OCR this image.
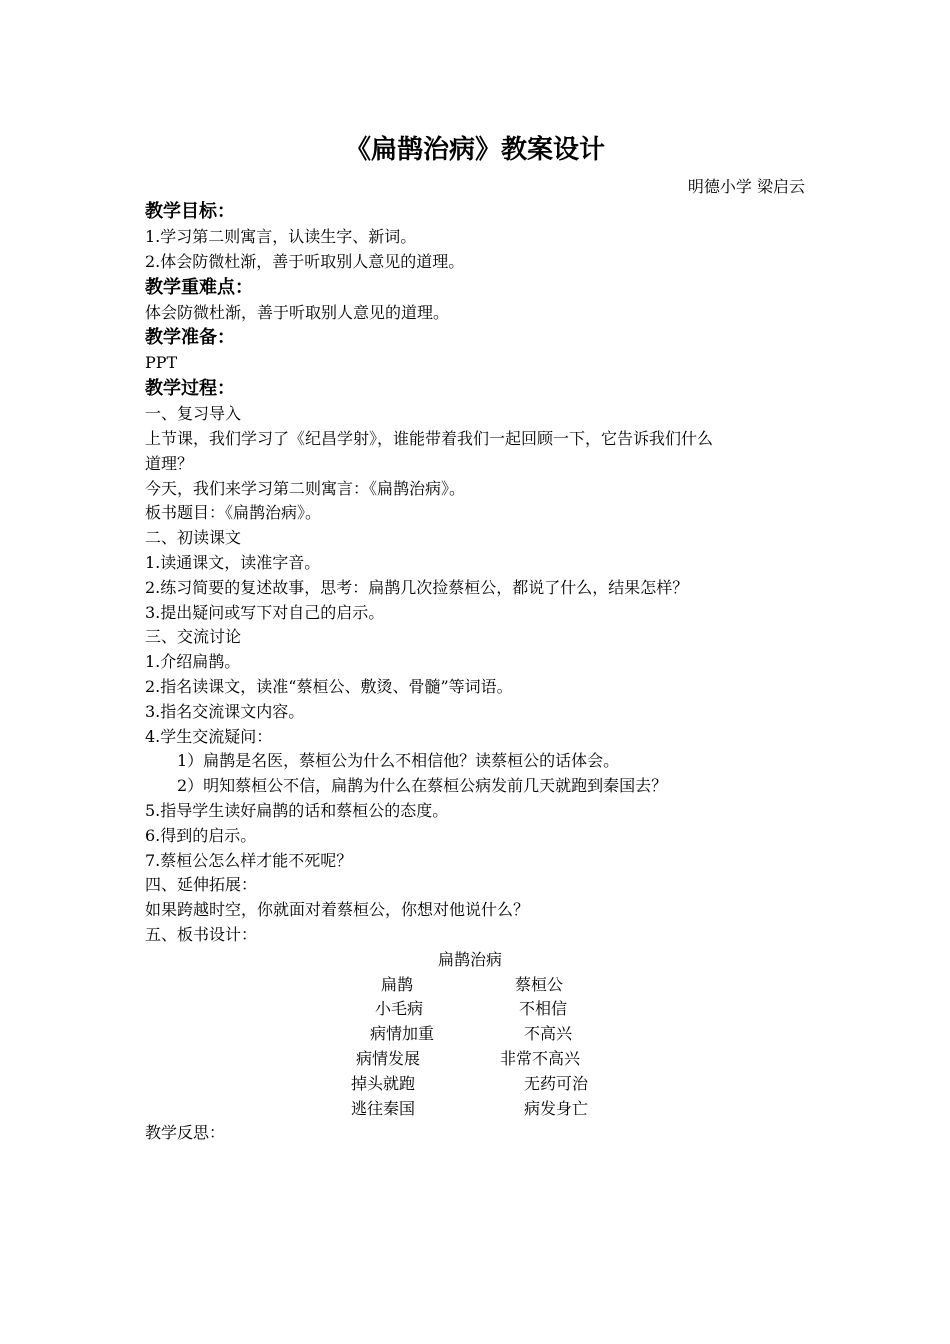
《扁鹊治病》教案设计
明德小学 梁启云
教学目标：
1.学习第二则寓言，认读生字、新词。
2.体会防微杜渐，善于听取别人意见的道理。
教学重难点：
体会防微杜渐，善于听取别人意见的道理。
教学准备：
PPT
教学过程：
一、复习导入
上节课，我们学习了《纪昌学射》，谁能带着我们一起回顾一下，它告诉我们什么
道理？
今天，我们来学习第二则寓言：《扁鹊治病》。
板书题目：《扁鹊治病》。
二、初读课文
1.读通课文，读准字音。
2.练习简要的复述故事，思考：扁鹊几次捡蔡桓公，都说了什么，结果怎样？
3.提出疑问或写下对自己的启示。
三、交流讨论
1.介绍扁鹊。
2.指名读课文，读准“蔡桓公、敷烫、骨髓”等词语。
3.指名交流课文内容。
4.学生交流疑问：
1）扁鹊是名医，蔡桓公为什么不相信他？读蔡桓公的话体会。
2）明知蔡桓公不信，扁鹊为什么在蔡桓公病发前几天就跑到秦国去？
5.指导学生读好扁鹊的话和蔡桓公的态度。
6.得到的启示。
7.蔡桓公怎么样才能不死呢？
四、延伸拓展：
如果跨越时空，你就面对着蔡桓公，你想对他说什么？
五、板书设计：
扁鹊治病
扁鹊
小毛病
病情加重
病情发展
掉头就跑
逃往秦国
蔡桓公
不相信
不高兴
非常不高兴
无药可治
病发身亡
教学反思：
